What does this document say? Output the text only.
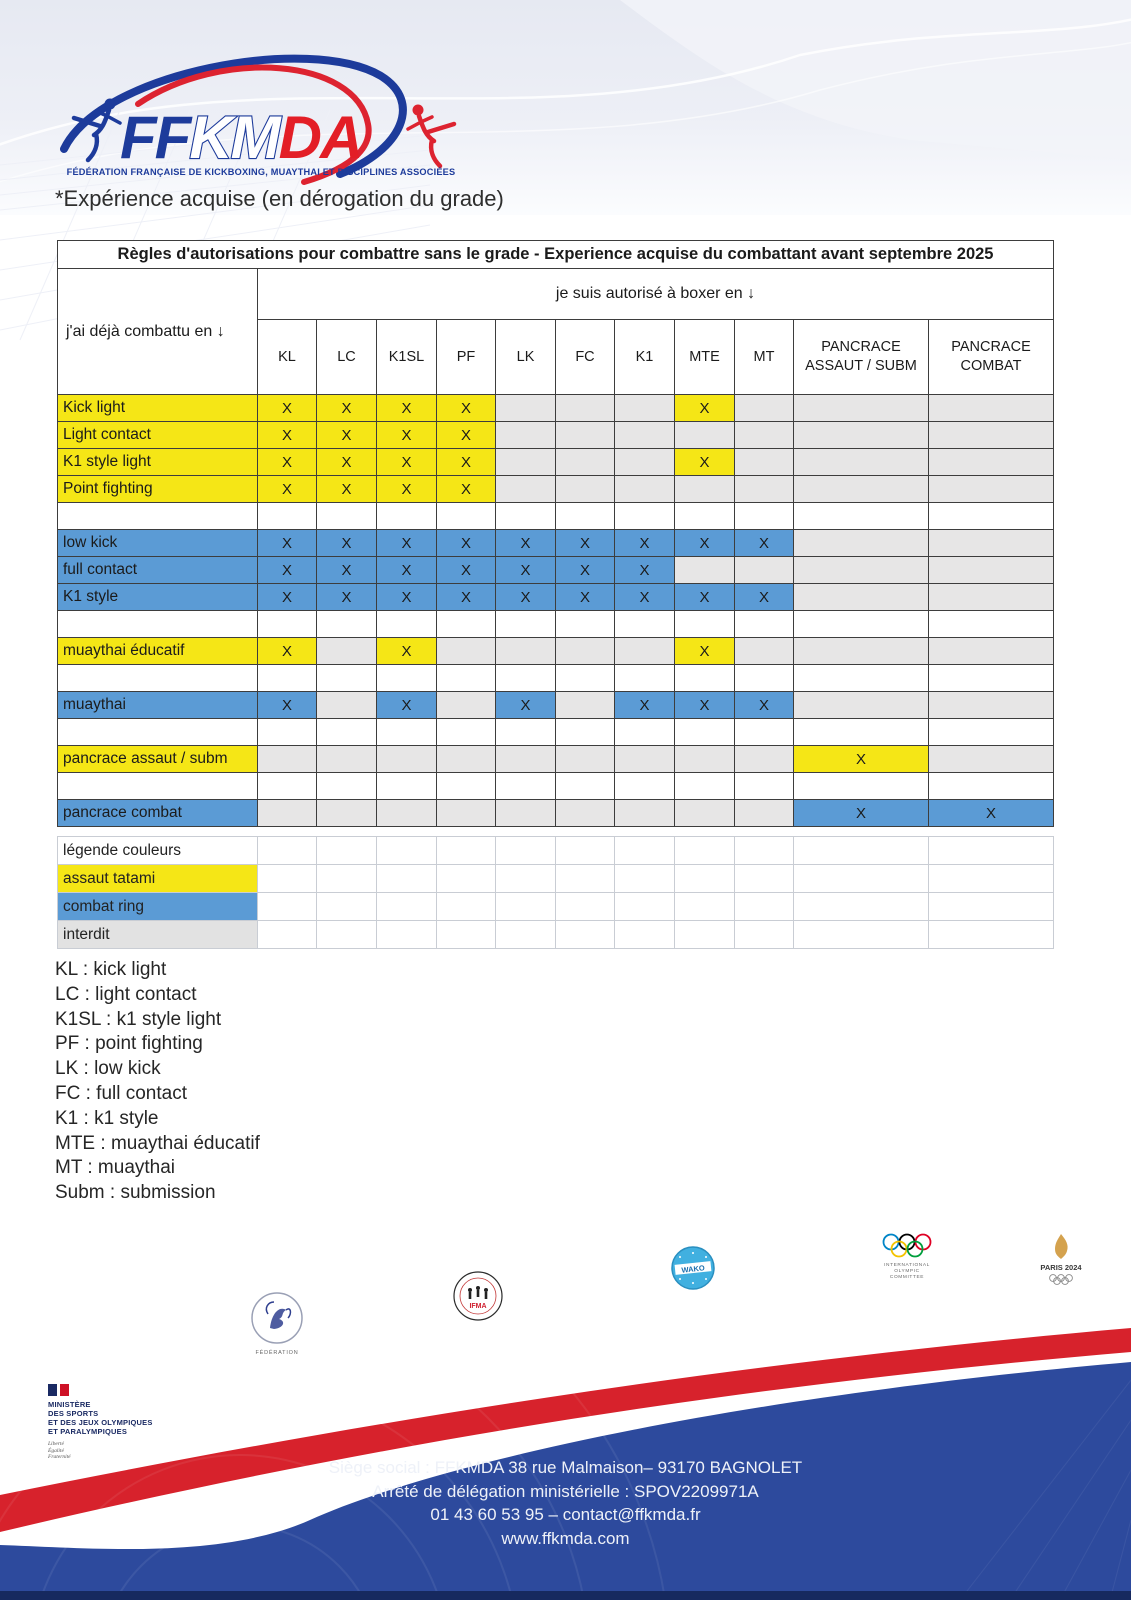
FFKMDA
FÉDÉRATION FRANÇAISE DE KICKBOXING, MUAYTHAI ET DISCIPLINES ASSOCIÉES
*Expérience acquise (en dérogation du grade)
Règles d'autorisations pour combattre sans le grade - Experience acquise du combattant avant septembre 2025											
j'ai déjà combattu en ↓	je suis autorisé à boxer en ↓										
	KL	LC	K1SL	PF	LK	FC	K1	MTE	MT	PANCRACE ASSAUT / SUBM	PANCRACE COMBAT
Kick light	X	X	X	X				X			
Light contact	X	X	X	X							
K1 style light	X	X	X	X				X			
Point fighting	X	X	X	X							

low kick	X	X	X	X	X	X	X	X	X		
full contact	X	X	X	X	X	X	X				
K1 style	X	X	X	X	X	X	X	X	X		

muaythai éducatif	X		X					X			

muaythai	X		X		X		X	X	X		

pancrace assaut / subm										X	

pancrace combat										X	X
légende couleurs											
assaut tatami											
combat ring											
interdit											
KL : kick light
LC : light contact
K1SL : k1 style light
PF : point fighting
LK : low kick
FC : full contact
K1 : k1 style
MTE : muaythai éducatif
MT : muaythai
Subm : submission
FÉDÉRATION
IFMA
WAKO	INTERNATIONAL
OLYMPIC
COMMITTEE
PARIS 2024
MINISTÈRE
DES SPORTS
ET DES JEUX OLYMPIQUES
ET PARALYMPIQUES
Liberté
Égalité
Fraternité
Siège social : FFKMDA 38 rue Malmaison– 93170 BAGNOLET
Arrêté de délégation ministérielle : SPOV2209971A
01 43 60 53 95 – contact@ffkmda.fr
www.ffkmda.com
